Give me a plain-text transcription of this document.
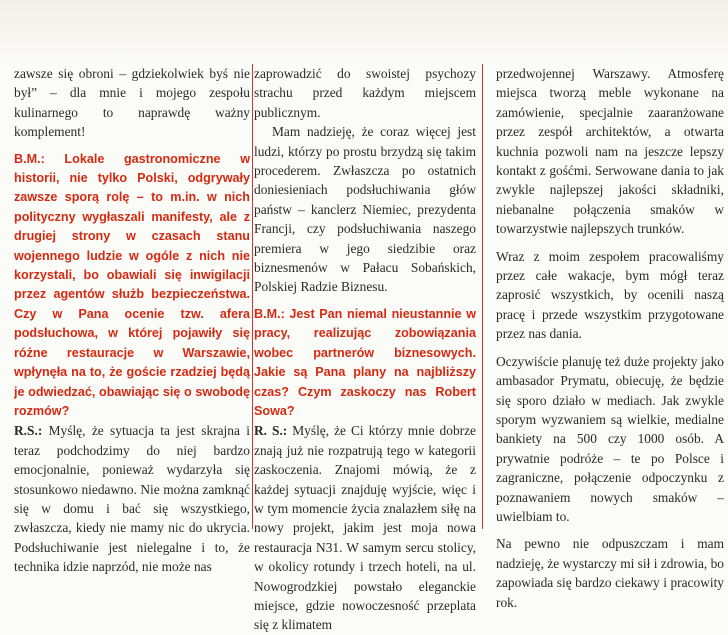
zawsze się obroni – gdziekolwiek byś nie był” – dla mnie i mojego zespołu kulinarnego to naprawdę ważny komplement!

B.M.: Lokale gastronomiczne w historii, nie tylko Polski, odgrywały zawsze sporą rolę – to m.in. w nich polityczny wygłaszali manifesty, ale z drugiej strony w czasach stanu wojennego ludzie w ogóle z nich nie korzystali, bo obawiali się inwigilacji przez agentów służb bezpieczeństwa. Czy w Pana ocenie tzw. afera podsłuchowa, w której pojawiły się różne restauracje w Warszawie, wpłynęła na to, że goście rzadziej będą je odwiedzać, obawiając się o swobodę rozmów?

R.S.: Myślę, że sytuacja ta jest skrajna i teraz podchodzimy do niej bardzo emocjonalnie, ponieważ wydarzyła się stosunkowo niedawno. Nie można zamknąć się w domu i bać się wszystkiego, zwłaszcza, kiedy nie mamy nic do ukrycia. Podsłuchiwanie jest nielegalne i to, że technika idzie naprzód, nie może nas

zaprowadzić do swoistej psychozy strachu przed każdym miejscem publicznym.

Mam nadzieję, że coraz więcej jest ludzi, którzy po prostu brzydzą się takim procederem. Zwłaszcza po ostatnich doniesieniach podsłuchiwania głów państw – kanclerz Niemiec, prezydenta Francji, czy podsłuchiwania naszego premiera w jego siedzibie oraz biznesmenów w Pałacu Sobańskich, Polskiej Radzie Biznesu.

B.M.: Jest Pan niemal nieustannie w pracy, realizując zobowiązania wobec partnerów biznesowych. Jakie są Pana plany na najbliższy czas? Czym zaskoczy nas Robert Sowa?

R. S.: Myślę, że Ci którzy mnie dobrze znają już nie rozpatrują tego w kategorii zaskoczenia. Znajomi mówią, że z każdej sytuacji znajduję wyjście, więc i w tym momencie życia znalazłem siłę na nowy projekt, jakim jest moja nowa restauracja N31. W samym sercu stolicy, w okolicy rotundy i trzech hoteli, na ul. Nowogrodzkiej powstało eleganckie miejsce, gdzie nowoczesność przeplata się z klimatem

przedwojennej Warszawy. Atmosferę miejsca tworzą meble wykonane na zamówienie, specjalnie zaaranżowane przez zespół architektów, a otwarta kuchnia pozwoli nam na jeszcze lepszy kontakt z gośćmi. Serwowane dania to jak zwykle najlepszej jakości składniki, niebanalne połączenia smaków w towarzystwie najlepszych trunków.

Wraz z moim zespołem pracowaliśmy przez całe wakacje, bym mógł teraz zaprosić wszystkich, by ocenili naszą pracę i przede wszystkim przygotowane przez nas dania.

Oczywiście planuję też duże projekty jako ambasador Prymatu, obiecuję, że będzie się sporo działo w mediach. Jak zwykle sporym wyzwaniem są wielkie, medialne bankiety na 500 czy 1000 osób. A prywatnie podróże – te po Polsce i zagraniczne, połączenie odpoczynku z poznawaniem nowych smaków – uwielbiam to.

Na pewno nie odpuszczam i mam nadzieję, że wystarczy mi sił i zdrowia, bo zapowiada się bardzo ciekawy i pracowity rok.
